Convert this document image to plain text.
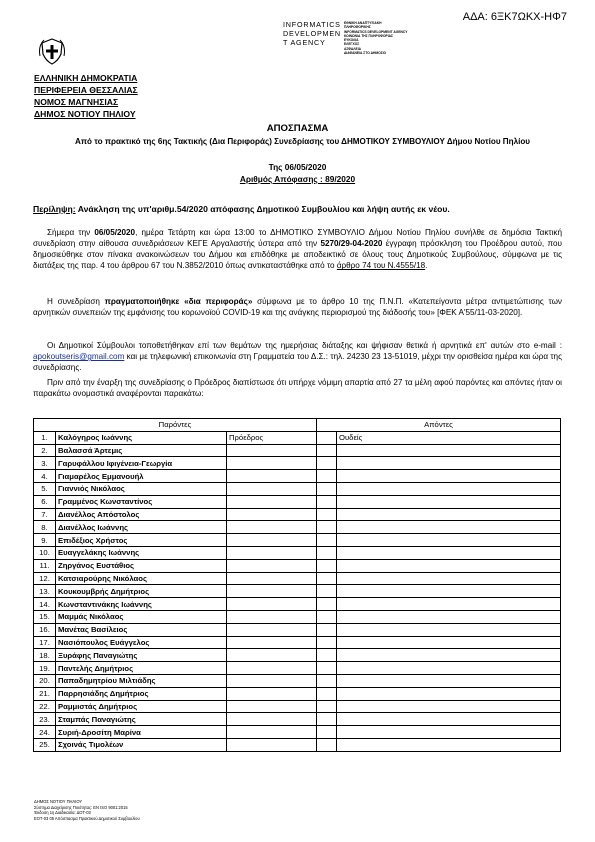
ΑΔΑ: 6ΞΚ7ΩΚΧ-ΗΦ7
INFORMATICS
DEVELOPMEN
T AGENCY
ΕΘΝΙΚΗ ΑΝΑΠΤΥΞΙΑΚΗ
ΠΛΗΡΟΦΟΡΙΚΗΣ
INFORMATICS DEVELOPMENT AGENCY
ΚΟΙΝΩΝΙΑ ΤΗΣ ΠΛΗΡΟΦΟΡΙΑΣ
ΕΥΚΟΛΙΑ
ΕΛΕΓΧΟΣ
ΑΣΦΑΛΕΙΑ
ΔΙΑΦΑΝΕΙΑ ΣΤΟ ΔΗΜΟΣΙΟ
ΕΛΛΗΝΙΚΗ ΔΗΜΟΚΡΑΤΙΑ
ΠΕΡΙΦΕΡΕΙΑ ΘΕΣΣΑΛΙΑΣ
ΝΟΜΟΣ ΜΑΓΝΗΣΙΑΣ
ΔΗΜΟΣ ΝΟΤΙΟΥ ΠΗΛΙΟΥ
ΑΠΟΣΠΑΣΜΑ
Από το πρακτικό της 6ης Τακτικής (Δια Περιφοράς) Συνεδρίασης του ΔΗΜΟΤΙΚΟΥ ΣΥΜΒΟΥΛΙΟΥ Δήμου Νοτίου Πηλίου
Της 06/05/2020
Αριθμός Απόφασης : 89/2020
Περίληψη: Ανάκληση της υπ'αριθμ.54/2020 απόφασης Δημοτικού Συμβουλίου και λήψη αυτής εκ νέου.
Σήμερα την 06/05/2020, ημέρα Τετάρτη και ώρα 13:00 το ΔΗΜΟΤΙΚΟ ΣΥΜΒΟΥΛΙΟ Δήμου Νοτίου Πηλίου συνήλθε σε δημόσια Τακτική συνεδρίαση στην αίθουσα συνεδριάσεων ΚΕΓΕ Αργαλαστής ύστερα από την 5270/29-04-2020 έγγραφη πρόσκληση του Προέδρου αυτού, που δημοσιεύθηκε στον πίνακα ανακοινώσεων του Δήμου και επιδόθηκε με αποδεικτικό σε όλους τους Δημοτικούς Συμβούλους, σύμφωνα με τις διατάξεις της παρ. 4 του άρθρου 67 του Ν.3852/2010 όπως αντικαταστάθηκε από το άρθρο 74 του Ν.4555/18.
Η συνεδρίαση πραγματοποιήθηκε «δια περιφοράς» σύμφωνα με το άρθρο 10 της Π.Ν.Π. «Κατεπείγοντα μέτρα αντιμετώπισης των αρνητικών συνεπειών της εμφάνισης του κορωνοϊού COVID-19 και της ανάγκης περιορισμού της διάδοσής του» [ΦΕΚ Α'55/11-03-2020].
Οι Δημοτικοί Σύμβουλοι τοποθετήθηκαν επί των θεμάτων της ημερήσιας διάταξης και ψήφισαν θετικά ή αρνητικά επ' αυτών στο e-mail : apokoutseris@gmail.com και με τηλεφωνική επικοινωνία στη Γραμματεία του Δ.Σ.: τηλ. 24230 23 13-51019, μέχρι την ορισθείσα ημέρα και ώρα της συνεδρίασης.
Πριν από την έναρξη της συνεδρίασης ο Πρόεδρος διαπίστωσε ότι υπήρχε νόμιμη απαρτία από 27 τα μέλη αφού παρόντες και απόντες ήταν οι παρακάτω ονομαστικά αναφέρονται παρακάτω:
Παρόντες			Απόντες	
1.	Καλόγηρος Ιωάννης	Πρόεδρος		Ουδείς
2.	Βαλασσά Άρτεμις			
3.	Γαρυφάλλου Ιφιγένεια-Γεωργία			
4.	Γιαμαρέλος Εμμανουήλ			
5.	Γιαννιός Νικόλαος			
6.	Γραμμένος Κωνσταντίνος			
7.	Διανέλλος Απόστολος			
8.	Διανέλλος Ιωάννης			
9.	Επιδέξιος Χρήστος			
10.	Ευαγγελάκης Ιωάννης			
11.	Ζηργάνος Ευστάθιος			
12.	Κατσιαρούρης Νικόλαος			
13.	Κουκουμβρής Δημήτριος			
14.	Κωνσταντινάκης Ιωάννης			
15.	Μαμμάς Νικόλαος			
16.	Μανέτας Βασίλειος			
17.	Νασιόπουλος Ευάγγελος			
18.	Ξυράφης Παναγιώτης			
19.	Παντελής Δημήτριος			
20.	Παπαδημητρίου Μιλτιάδης			
21.	Παρρησιάδης Δημήτριος			
22.	Ραμμιστάς Δημήτριος			
23.	Σταμπάς Παναγιώτης			
24.	Συριή-Δροσίτη Μαρίνα			
25.	Σχοινάς Τιμολέων			
ΔΗΜΟΣ ΝΟΤΙΟΥ ΠΗΛΙΟΥ
Σύστημα Διαχείρισης Ποιότητας: ΕΝ ISO 9001:2015
Έκδοση 1η Διαδικασία: ΔΟΤ-03
ΕΟΤ-03 05 Απόσπασμα Πρακτικού Δημοτικού Συμβουλίου
